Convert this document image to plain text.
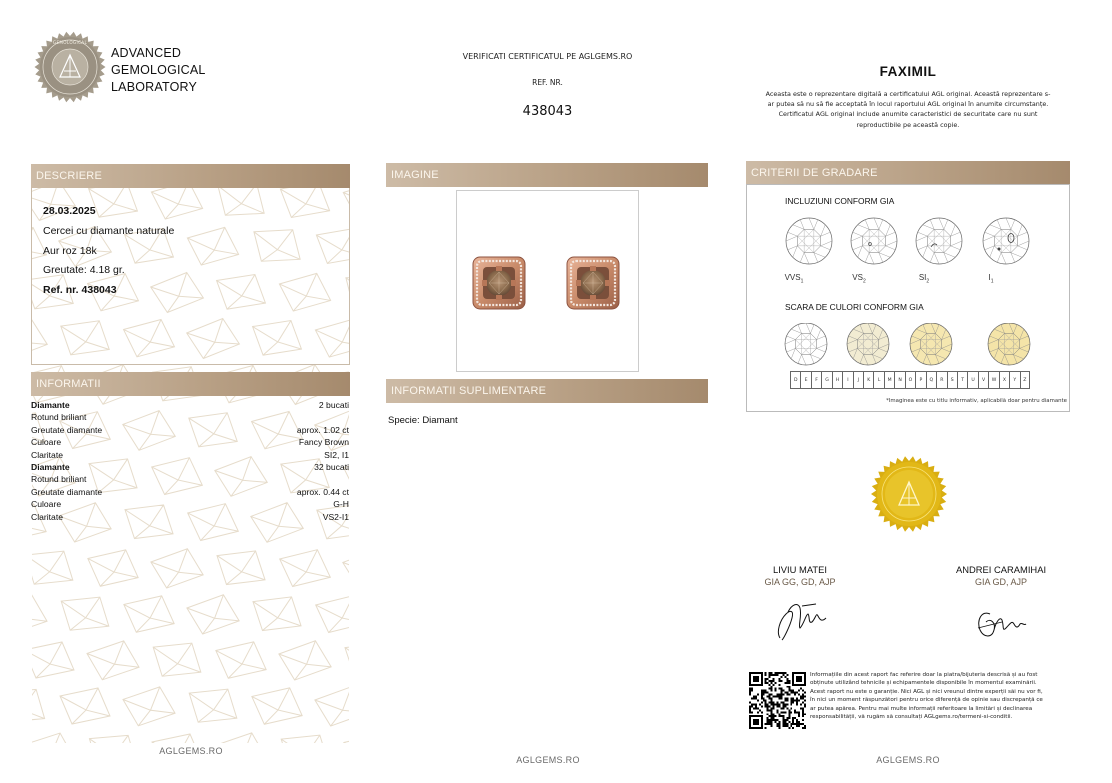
GEMOLOGICAL
ADVANCED
GEMOLOGICAL
LABORATORY
VERIFICATI CERTIFICATUL PE AGLGEMS.RO
REF. NR.
438043
FAXIMIL
Aceasta este o reprezentare digitală a certificatului AGL original. Această reprezentare s-
ar putea să nu să fie acceptată în locul raportului AGL original în anumite circumstanțe.
Certificatul AGL original include anumite caracteristici de securitate care nu sunt
reproductibile pe această copie.
DESCRIERE
28.03.2025
Cercei cu diamante naturale
Aur roz 18k
Greutate: 4.18 gr.
Ref. nr. 438043
INFORMATII
Diamante	2 bucati
Rotund briliant
Greutate diamante	aprox. 1.02 ct
Culoare	Fancy Brown
Claritate	SI2, I1
Diamante	32 bucati
Rotund briliant
Greutate diamante	aprox. 0.44 ct
Culoare	G-H
Claritate	VS2-I1
IMAGINE
INFORMATII SUPLIMENTARE
Specie: Diamant
CRITERII DE GRADARE
INCLUZIUNI CONFORM GIA
$VVS_1$	$VS_2$	$SI_2$	$I_1$
SCARA DE CULORI CONFORM GIA
*Imaginea este cu titlu informativ, aplicabilă doar pentru diamante
D	E	F	G	H	I	J	K	L	M	N	O	P	Q	R	S	T	U	V	W	X	Y	Z
LIVIU MATEI
GIA GG, GD, AJP
ANDREI CARAMIHAI
GIA GD, AJP
Informațiile din acest raport fac referire doar la piatra/bijuteria descrisă și au fost
obținute utilizând tehnicile și echipamentele disponibile în momentul examinării.
Acest raport nu este o garanție. Nici AGL și nici vreunul dintre experții săi nu vor fi,
în nici un moment răspunzători pentru orice diferență de opinie sau discrepanță ce
ar putea apărea. Pentru mai multe informații referitoare la limitări și declinarea
responsabilității, vă rugăm să consultați AGLgems.ro/termeni-si-conditii.
AGLGEMS.RO
AGLGEMS.RO	AGLGEMS.RO
